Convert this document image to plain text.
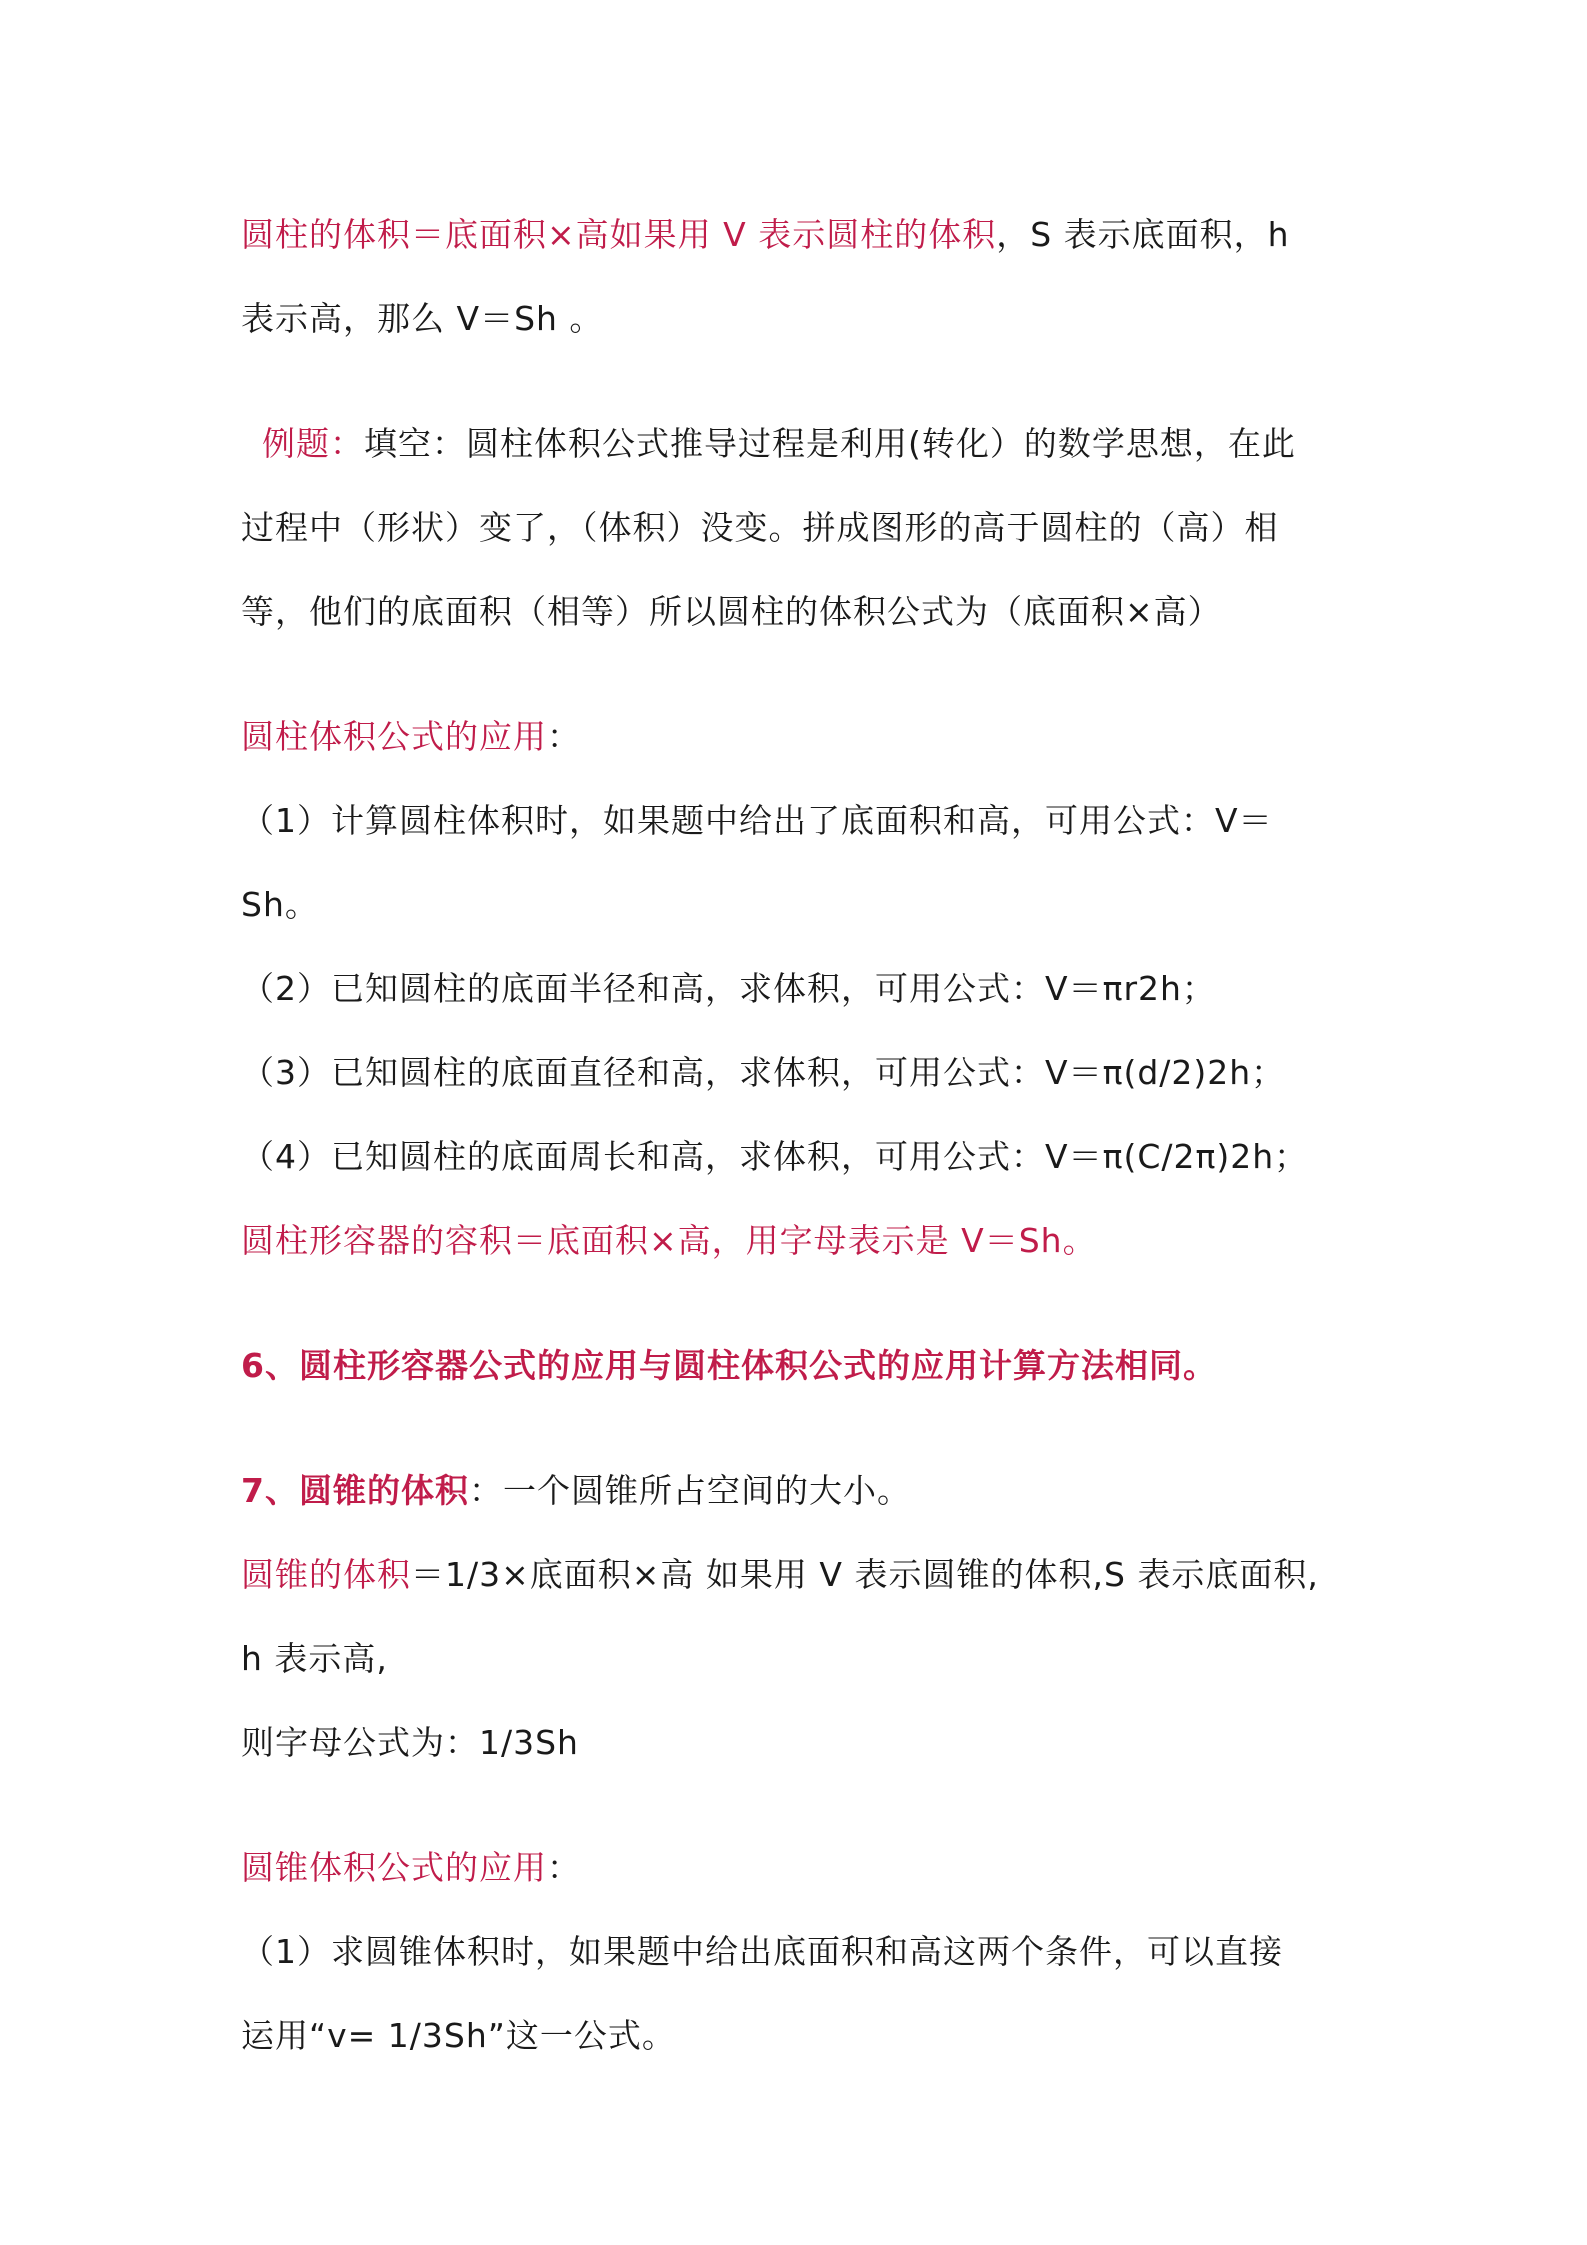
圆柱的体积＝底面积×高如果用 V 表示圆柱的体积，S 表示底面积，h
表示高，那么 V＝Sh 。
例题：填空：圆柱体积公式推导过程是利用(转化）的数学思想，在此
过程中（形状）变了，（体积）没变。拼成图形的高于圆柱的（高）相
等，他们的底面积（相等）所以圆柱的体积公式为（底面积×高）
圆柱体积公式的应用：
（1）计算圆柱体积时，如果题中给出了底面积和高，可用公式：V＝
Sh。
（2）已知圆柱的底面半径和高，求体积，可用公式：V＝πr2h；
（3）已知圆柱的底面直径和高，求体积，可用公式：V＝π(d/2)2h；
（4）已知圆柱的底面周长和高，求体积，可用公式：V＝π(C/2π)2h；
圆柱形容器的容积＝底面积×高，用字母表示是 V＝Sh。
6、圆柱形容器公式的应用与圆柱体积公式的应用计算方法相同。
7、圆锥的体积：一个圆锥所占空间的大小。
圆锥的体积＝1/3×底面积×高 如果用 V 表示圆锥的体积,S 表示底面积,
h 表示高,
则字母公式为：1/3Sh
圆锥体积公式的应用：
（1）求圆锥体积时，如果题中给出底面积和高这两个条件，可以直接
运用“v= 1/3Sh”这一公式。
